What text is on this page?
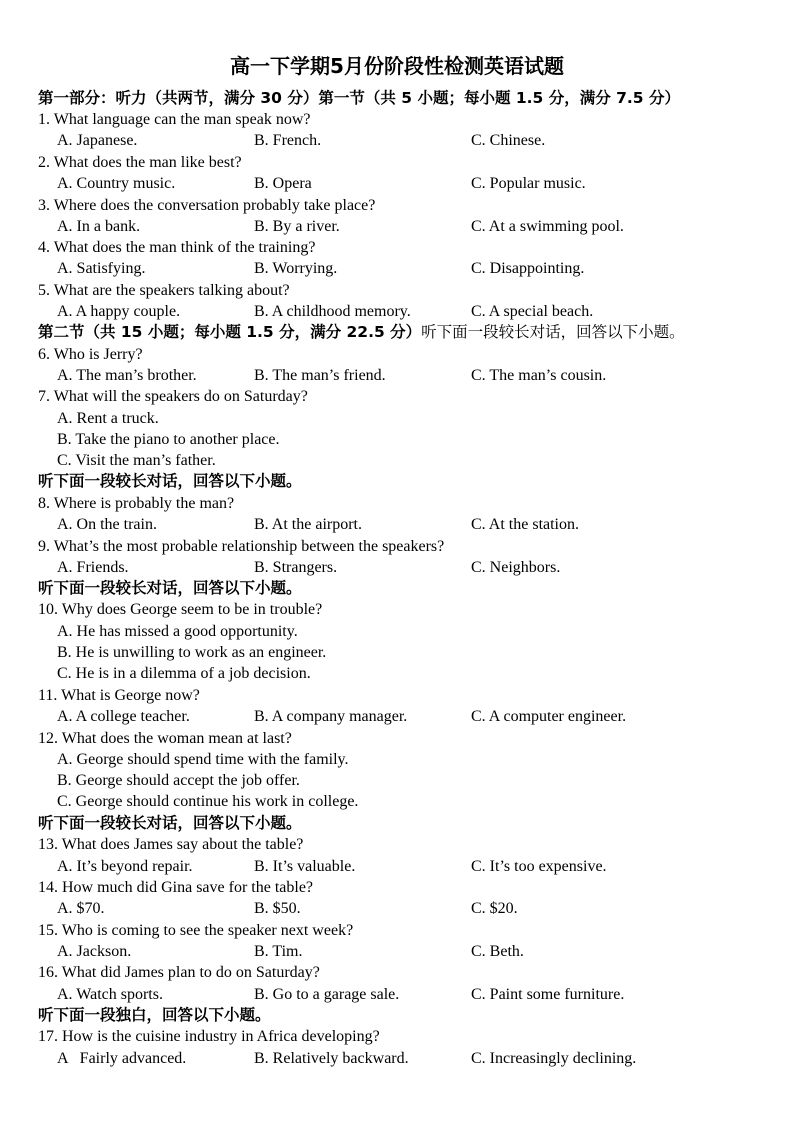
高一下学期5月份阶段性检测英语试题
第一部分：听力（共两节，满分 30 分）第一节（共 5 小题；每小题 1.5 分，满分 7.5 分）
1. What language can the man speak now?
A. Japanese.	B. French.	C. Chinese.
2. What does the man like best?
A. Country music.	B. Opera	C. Popular music.
3. Where does the conversation probably take place?
A. In a bank.	B. By a river.	C. At a swimming pool.
4. What does the man think of the training?
A. Satisfying.	B. Worrying.	C. Disappointing.
5. What are the speakers talking about?
A. A happy couple.	B. A childhood memory.	C. A special beach.
第二节（共 15 小题；每小题 1.5 分，满分 22.5 分）听下面一段较长对话，回答以下小题。
6. Who is Jerry?
A. The man’s brother.	B. The man’s friend.	C. The man’s cousin.
7. What will the speakers do on Saturday?
A. Rent a truck.
B. Take the piano to another place.
C. Visit the man’s father.
听下面一段较长对话，回答以下小题。
8. Where is probably the man?
A. On the train.	B. At the airport.	C. At the station.
9. What’s the most probable relationship between the speakers?
A. Friends.	B. Strangers.	C. Neighbors.
听下面一段较长对话，回答以下小题。
10. Why does George seem to be in trouble?
A. He has missed a good opportunity.
B. He is unwilling to work as an engineer.
C. He is in a dilemma of a job decision.
11. What is George now?
A. A college teacher.	B. A company manager.	C. A computer engineer.
12. What does the woman mean at last?
A. George should spend time with the family.
B. George should accept the job offer.
C. George should continue his work in college.
听下面一段较长对话，回答以下小题。
13. What does James say about the table?
A. It’s beyond repair.	B. It’s valuable.	C. It’s too expensive.
14. How much did Gina save for the table?
A. $70.	B. $50.	C. $20.
15. Who is coming to see the speaker next week?
A. Jackson.	B. Tim.	C. Beth.
16. What did James plan to do on Saturday?
A. Watch sports.	B. Go to a garage sale.	C. Paint some furniture.
听下面一段独白，回答以下小题。
17. How is the cuisine industry in Africa developing?
A   Fairly advanced.	B. Relatively backward.	C. Increasingly declining.
